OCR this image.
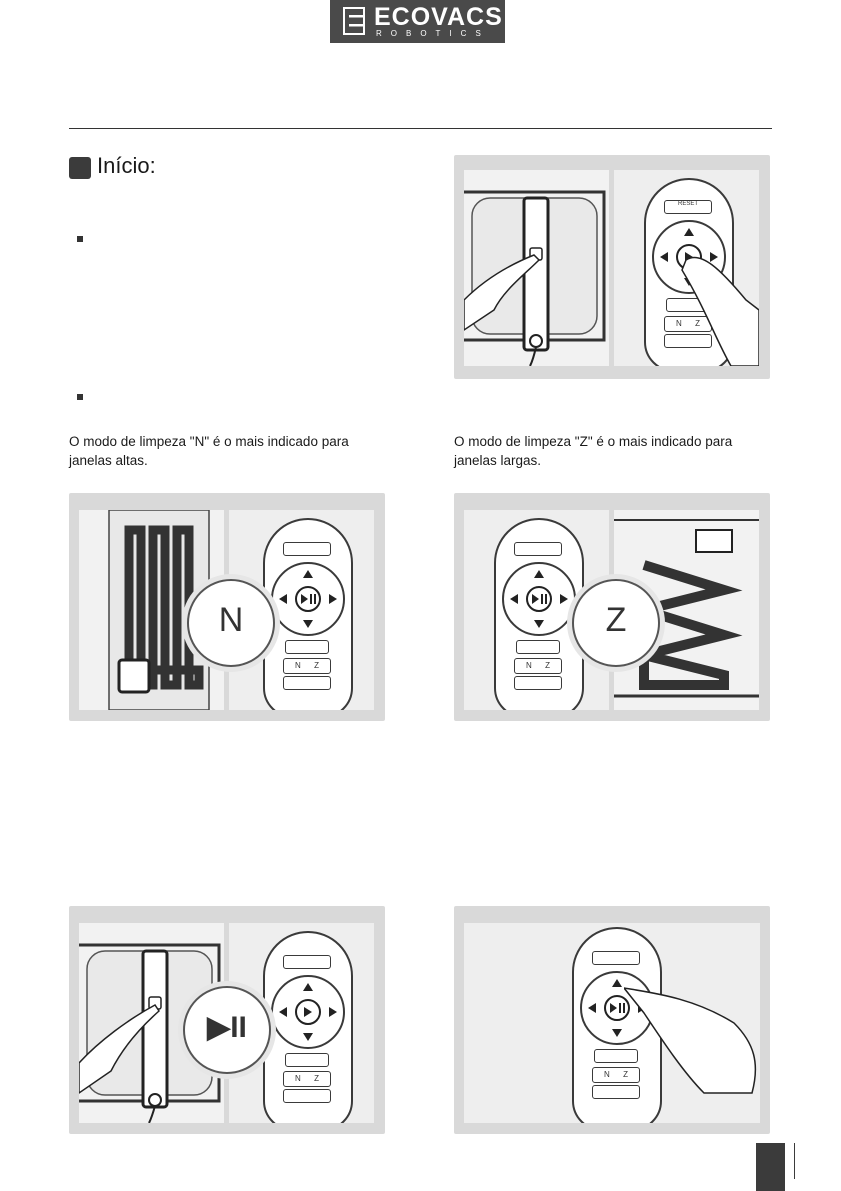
ECOVACS
ROBOTICS
Início:
RESET
N Z
O modo de limpeza "N" é o mais indicado para
janelas altas.
O modo de limpeza "Z" é o mais indicado para
janelas largas.
N      Z
N
N      Z
Z
N      Z
▶II
N      Z
